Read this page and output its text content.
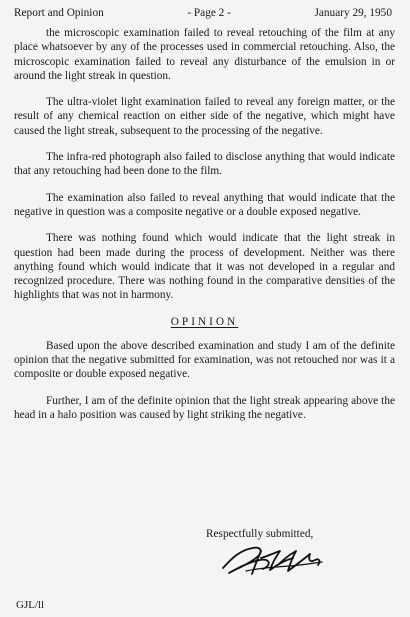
Report and Opinion	- Page 2 -	January 29, 1950

the microscopic examination failed to reveal retouching of the film at any place whatsoever by any of the processes used in commercial retouching. Also, the microscopic examination failed to reveal any disturbance of the emulsion in or around the light streak in question.

The ultra-violet light examination failed to reveal any foreign matter, or the result of any chemical reaction on either side of the negative, which might have caused the light streak, subsequent to the processing of the negative.

The infra-red photograph also failed to disclose anything that would indicate that any retouching had been done to the film.

The examination also failed to reveal anything that would indicate that the negative in question was a composite negative or a double exposed negative.

There was nothing found which would indicate that the light streak in question had been made during the process of development. Neither was there anything found which would indicate that it was not developed in a regular and recognized procedure. There was nothing found in the comparative densities of the highlights that was not in harmony.

OPINION

Based upon the above described examination and study I am of the definite opinion that the negative submitted for examination, was not retouched nor was it a composite or double exposed negative.

Further, I am of the definite opinion that the light streak appearing above the head in a halo position was caused by light striking the negative.

Respectfully submitted,
GJL/ll
